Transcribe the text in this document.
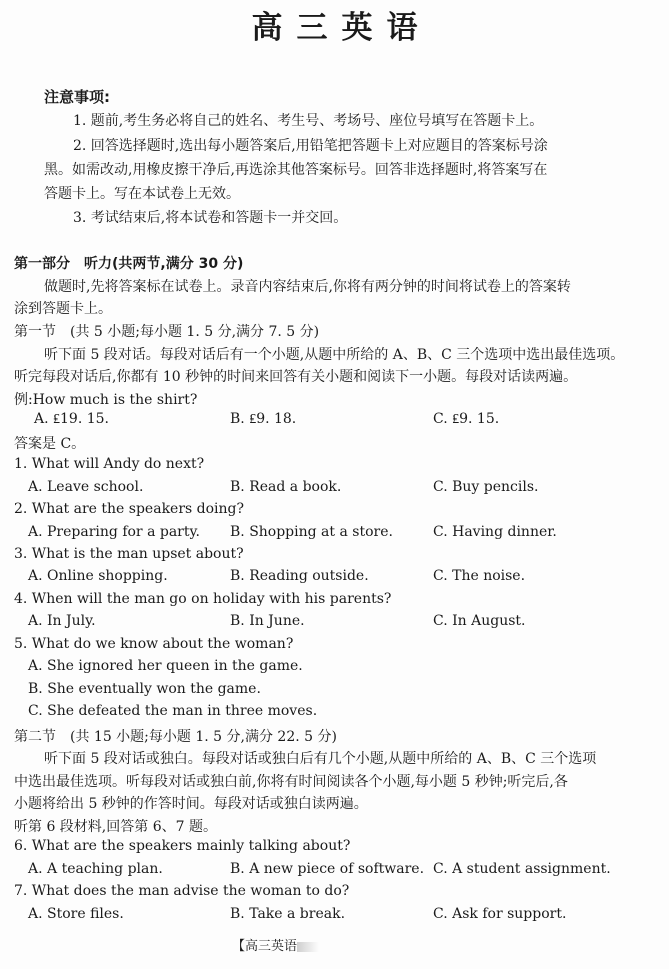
高三英语
注意事项:
1. 题前,考生务必将自己的姓名、考生号、考场号、座位号填写在答题卡上。
2. 回答选择题时,选出每小题答案后,用铅笔把答题卡上对应题目的答案标号涂
黑。如需改动,用橡皮擦干净后,再选涂其他答案标号。回答非选择题时,将答案写在
答题卡上。写在本试卷上无效。
3. 考试结束后,将本试卷和答题卡一并交回。
第一部分　听力(共两节,满分 30 分)
做题时,先将答案标在试卷上。录音内容结束后,你将有两分钟的时间将试卷上的答案转
涂到答题卡上。
第一节　(共 5 小题;每小题 1. 5 分,满分 7. 5 分)
听下面 5 段对话。每段对话后有一个小题,从题中所给的 A、B、C 三个选项中选出最佳选项。
听完每段对话后,你都有 10 秒钟的时间来回答有关小题和阅读下一小题。每段对话读两遍。
例:How much is the shirt?
A. ₤19. 15.	B. ₤9. 18.	C. ₤9. 15.
答案是 C。
1. What will Andy do next?
A. Leave school.	B. Read a book.	C. Buy pencils.
2. What are the speakers doing?
A. Preparing for a party. B. Shopping at a store.	C. Having dinner.
3. What is the man upset about?
A. Online shopping.	B. Reading outside.	C. The noise.
4. When will the man go on holiday with his parents?
A. In July.	B. In June.	C. In August.
5. What do we know about the woman?
A. She ignored her queen in the game.
B. She eventually won the game.
C. She defeated the man in three moves.
第二节　(共 15 小题;每小题 1. 5 分,满分 22. 5 分)
听下面 5 段对话或独白。每段对话或独白后有几个小题,从题中所给的 A、B、C 三个选项
中选出最佳选项。听每段对话或独白前,你将有时间阅读各个小题,每小题 5 秒钟;听完后,各
小题将给出 5 秒钟的作答时间。每段对话或独白读两遍。
听第 6 段材料,回答第 6、7 题。
6. What are the speakers mainly talking about?
A. A teaching plan.	B. A new piece of software. C. A student assignment.
7. What does the man advise the woman to do?
A. Store files.	B. Take a break.	C. Ask for support.
【高三英语
